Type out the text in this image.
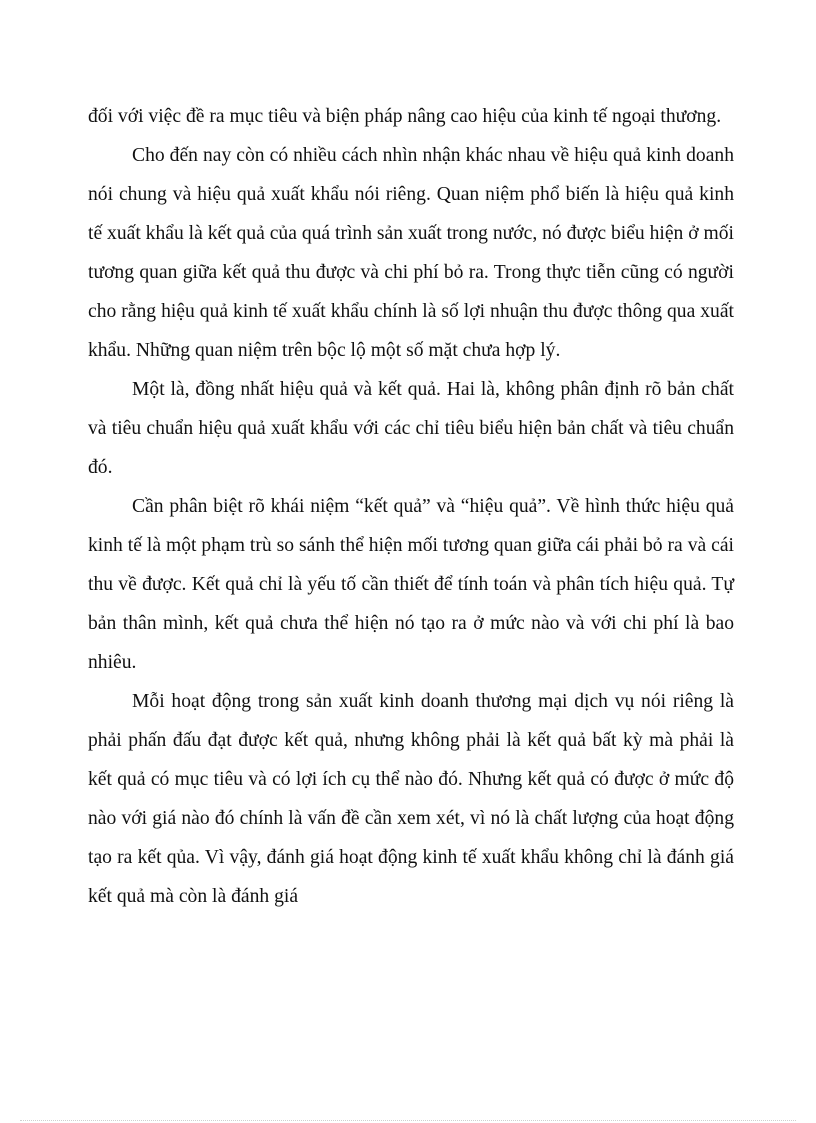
đối với việc đề ra mục tiêu và biện pháp nâng cao hiệu của kinh tế ngoại thương.

Cho đến nay còn có nhiều cách nhìn nhận khác nhau về hiệu quả kinh doanh nói chung và hiệu quả xuất khẩu nói riêng. Quan niệm phổ biến là hiệu quả kinh tế xuất khẩu là kết quả của quá trình sản xuất trong nước, nó được biểu hiện ở mối tương quan giữa kết quả thu được và chi phí bỏ ra. Trong thực tiễn cũng có người cho rằng hiệu quả kinh tế xuất khẩu chính là số lợi nhuận thu được thông qua xuất khẩu. Những quan niệm trên bộc lộ một số mặt chưa hợp lý.

Một là, đồng nhất hiệu quả và kết quả. Hai là, không phân định rõ bản chất và tiêu chuẩn hiệu quả xuất khẩu với các chỉ tiêu biểu hiện bản chất và tiêu chuẩn đó.

Cần phân biệt rõ khái niệm “kết quả” và “hiệu quả”. Về hình thức hiệu quả kinh tế là một phạm trù so sánh thể hiện mối tương quan giữa cái phải bỏ ra và cái thu về được. Kết quả chỉ là yếu tố cần thiết để tính toán và phân tích hiệu quả. Tự bản thân mình, kết quả chưa thể hiện nó tạo ra ở mức nào và với chi phí là bao nhiêu.

Mỗi hoạt động trong sản xuất kinh doanh thương mại dịch vụ nói riêng là phải phấn đấu đạt được kết quả, nhưng không phải là kết quả bất kỳ mà phải là kết quả có mục tiêu và có lợi ích cụ thể nào đó. Nhưng kết quả có được ở mức độ nào với giá nào đó chính là vấn đề cần xem xét, vì nó là chất lượng của hoạt động tạo ra kết qủa. Vì vậy, đánh giá hoạt động kinh tế xuất khẩu không chỉ là đánh giá kết quả mà còn là đánh giá
